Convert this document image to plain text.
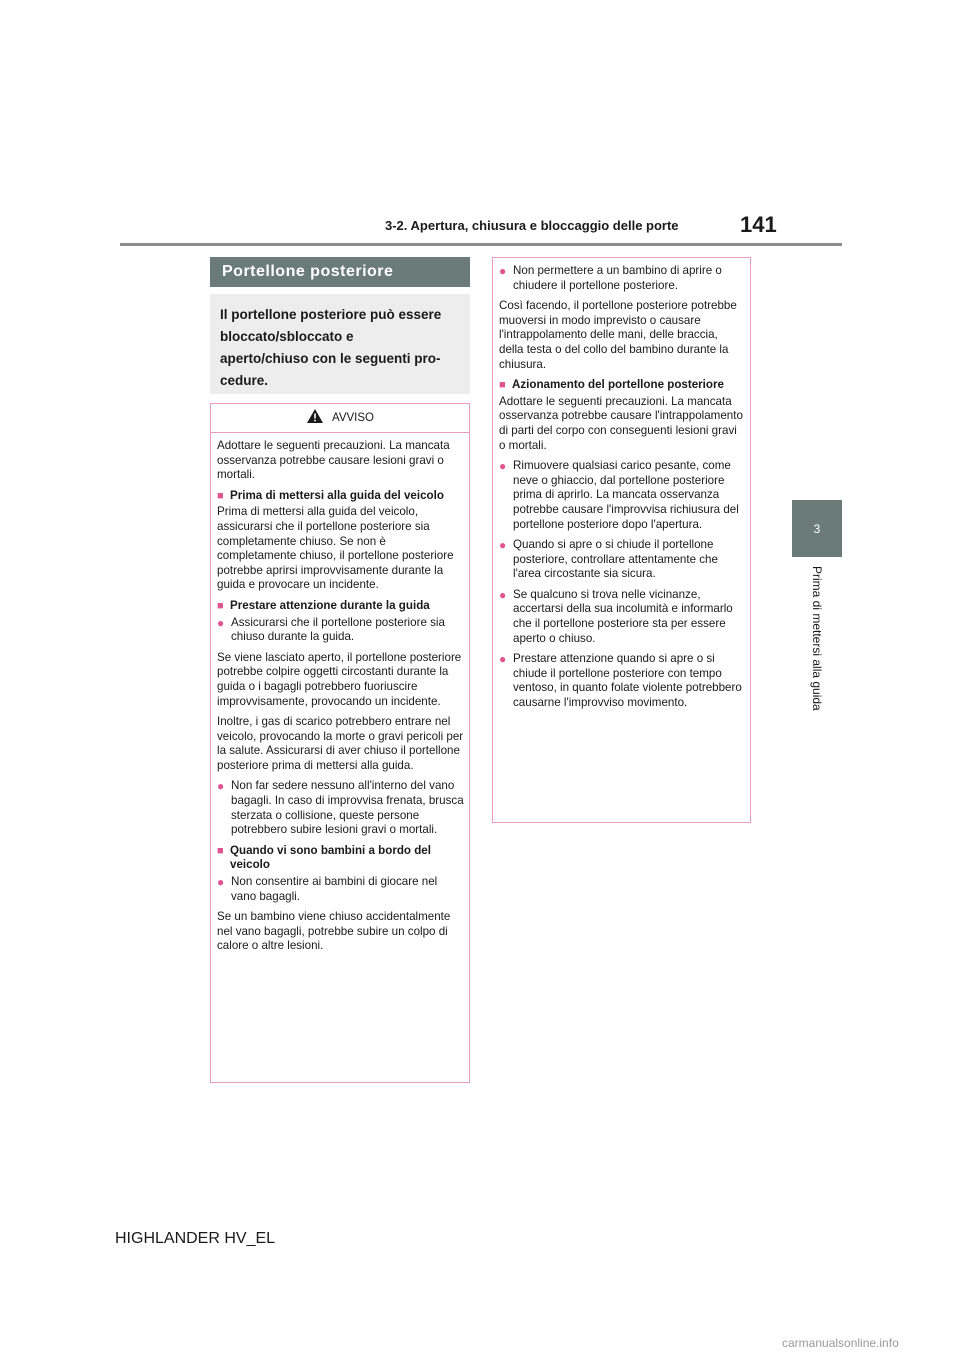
3-2. Apertura, chiusura e bloccaggio delle porte	141
3
Prima di mettersi alla guida
Portellone posteriore
Il portellone posteriore può essere
bloccato/sbloccato e
aperto/chiuso con le seguenti pro-
cedure.
AVVISO
Adottare le seguenti precauzioni. La mancata osservanza potrebbe causare lesioni gravi o mortali.
■ Prima di mettersi alla guida del veicolo
Prima di mettersi alla guida del veicolo, assicurarsi che il portellone posteriore sia completamente chiuso. Se non è completamente chiuso, il portellone posteriore potrebbe aprirsi improvvisamente durante la guida e provocare un incidente.
■ Prestare attenzione durante la guida
● Assicurarsi che il portellone posteriore sia chiuso durante la guida.
Se viene lasciato aperto, il portellone posteriore potrebbe colpire oggetti circostanti durante la guida o i bagagli potrebbero fuoriuscire improvvisamente, provocando un incidente.
Inoltre, i gas di scarico potrebbero entrare nel veicolo, provocando la morte o gravi pericoli per la salute. Assicurarsi di aver chiuso il portellone posteriore prima di mettersi alla guida.
● Non far sedere nessuno all'interno del vano bagagli. In caso di improvvisa frenata, brusca sterzata o collisione, queste persone potrebbero subire lesioni gravi o mortali.
■ Quando vi sono bambini a bordo del veicolo
● Non consentire ai bambini di giocare nel vano bagagli.
Se un bambino viene chiuso accidentalmente nel vano bagagli, potrebbe subire un colpo di calore o altre lesioni.
● Non permettere a un bambino di aprire o chiudere il portellone posteriore.
Così facendo, il portellone posteriore potrebbe muoversi in modo imprevisto o causare l'intrappolamento delle mani, delle braccia, della testa o del collo del bambino durante la chiusura.
■ Azionamento del portellone posteriore
Adottare le seguenti precauzioni. La mancata osservanza potrebbe causare l'intrappolamento di parti del corpo con conseguenti lesioni gravi o mortali.
● Rimuovere qualsiasi carico pesante, come neve o ghiaccio, dal portellone posteriore prima di aprirlo. La mancata osservanza potrebbe causare l'improvvisa richiusura del portellone posteriore dopo l'apertura.
● Quando si apre o si chiude il portellone posteriore, controllare attentamente che l'area circostante sia sicura.
● Se qualcuno si trova nelle vicinanze, accertarsi della sua incolumità e informarlo che il portellone posteriore sta per essere aperto o chiuso.
● Prestare attenzione quando si apre o si chiude il portellone posteriore con tempo ventoso, in quanto folate violente potrebbero causarne l'improvviso movimento.
HIGHLANDER HV_EL
carmanualsonline.info
